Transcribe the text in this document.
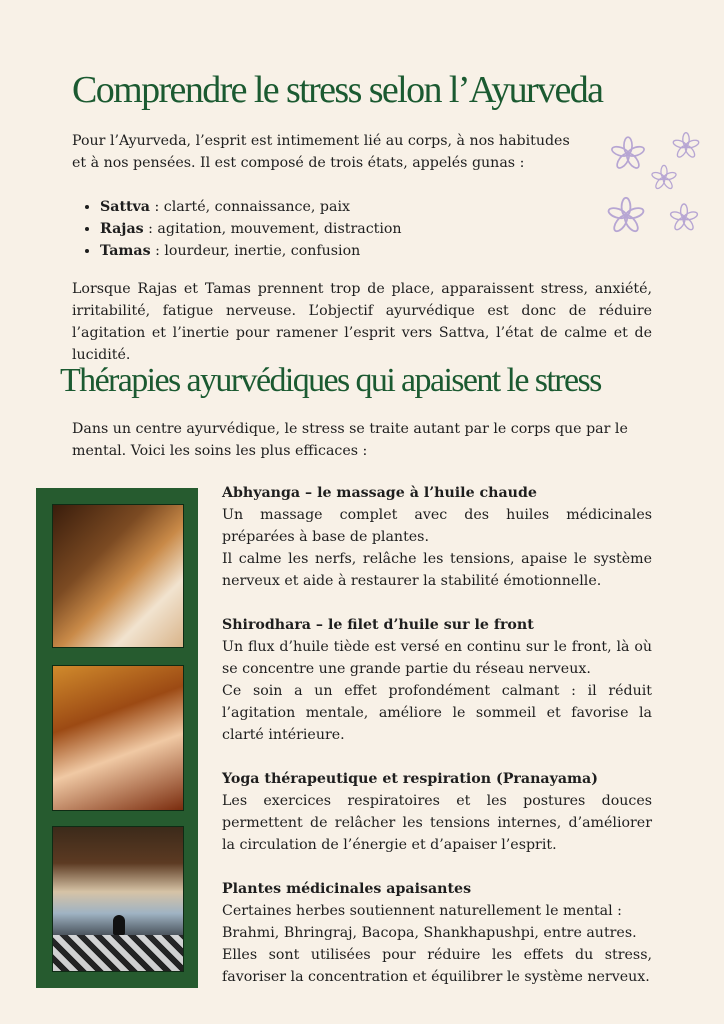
Comprendre le stress selon l’Ayurveda
Pour l’Ayurveda, l’esprit est intimement lié au corps, à nos habitudes
et à nos pensées. Il est composé de trois états, appelés gunas :
• Sattva : clarté, connaissance, paix
• Rajas : agitation, mouvement, distraction
• Tamas : lourdeur, inertie, confusion

Lorsque Rajas et Tamas prennent trop de place, apparaissent stress, anxiété, irritabilité, fatigue nerveuse. L’objectif ayurvédique est donc de réduire l’agitation et l’inertie pour ramener l’esprit vers Sattva, l’état de calme et de lucidité.

Thérapies ayurvédiques qui apaisent le stress
Dans un centre ayurvédique, le stress se traite autant par le corps que par le
mental. Voici les soins les plus efficaces :
Abhyanga – le massage à l’huile chaude

Un massage complet avec des huiles médicinales préparées à base de plantes.

Il calme les nerfs, relâche les tensions, apaise le système nerveux et aide à restaurer la stabilité émotionnelle.

Shirodhara – le filet d’huile sur le front

Un flux d’huile tiède est versé en continu sur le front, là où se concentre une grande partie du réseau nerveux.

Ce soin a un effet profondément calmant : il réduit l’agitation mentale, améliore le sommeil et favorise la clarté intérieure.

Yoga thérapeutique et respiration (Pranayama)

Les exercices respiratoires et les postures douces permettent de relâcher les tensions internes, d’améliorer la circulation de l’énergie et d’apaiser l’esprit.

Plantes médicinales apaisantes

Certaines herbes soutiennent naturellement le mental :

Brahmi, Bhringraj, Bacopa, Shankhapushpi, entre autres.

Elles sont utilisées pour réduire les effets du stress, favoriser la concentration et équilibrer le système nerveux.
